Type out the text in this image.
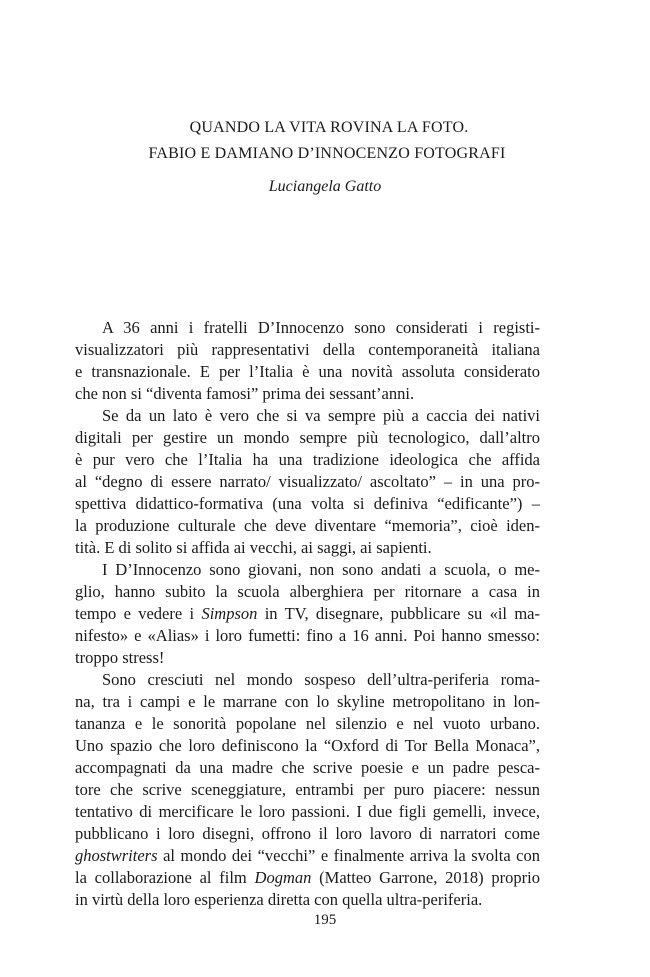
QUANDO LA VITA ROVINA LA FOTO.
FABIO E DAMIANO D’INNOCENZO FOTOGRAFI
Luciangela Gatto
A 36 anni i fratelli D’Innocenzo sono considerati i registi-
visualizzatori più rappresentativi della contemporaneità italiana
e transnazionale. E per l’Italia è una novità assoluta considerato
che non si “diventa famosi” prima dei sessant’anni.
Se da un lato è vero che si va sempre più a caccia dei nativi
digitali per gestire un mondo sempre più tecnologico, dall’altro
è pur vero che l’Italia ha una tradizione ideologica che affida
al “degno di essere narrato/ visualizzato/ ascoltato” – in una pro-
spettiva didattico-formativa (una volta si definiva “edificante”) –
la produzione culturale che deve diventare “memoria”, cioè iden-
tità. E di solito si affida ai vecchi, ai saggi, ai sapienti.
I D’Innocenzo sono giovani, non sono andati a scuola, o me-
glio, hanno subito la scuola alberghiera per ritornare a casa in
tempo e vedere i Simpson in TV, disegnare, pubblicare su «il ma-
nifesto» e «Alias» i loro fumetti: fino a 16 anni. Poi hanno smesso:
troppo stress!
Sono cresciuti nel mondo sospeso dell’ultra-periferia roma-
na, tra i campi e le marrane con lo skyline metropolitano in lon-
tananza e le sonorità popolane nel silenzio e nel vuoto urbano.
Uno spazio che loro definiscono la “Oxford di Tor Bella Monaca”,
accompagnati da una madre che scrive poesie e un padre pesca-
tore che scrive sceneggiature, entrambi per puro piacere: nessun
tentativo di mercificare le loro passioni. I due figli gemelli, invece,
pubblicano i loro disegni, offrono il loro lavoro di narratori come
ghostwriters al mondo dei “vecchi” e finalmente arriva la svolta con
la collaborazione al film Dogman (Matteo Garrone, 2018) proprio
in virtù della loro esperienza diretta con quella ultra-periferia.
195
